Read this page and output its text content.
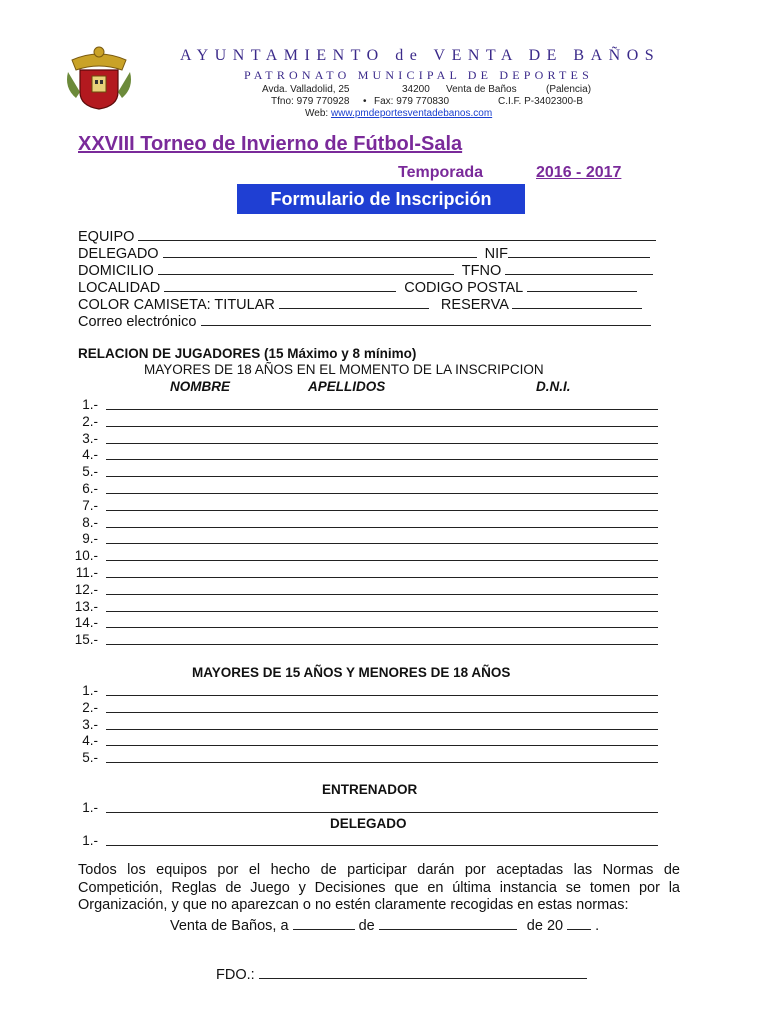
AYUNTAMIENTO de VENTA DE BAÑOS
PATRONATO MUNICIPAL DE DEPORTES
Avda. Valladolid, 25	34200 Venta de Baños	(Palencia)
Tfno: 979 770928 • Fax: 979 770830	C.I.F. P-3402300-B
Web: www.pmdeportesventadebanos.com
XXVIII Torneo de Invierno de Fútbol-Sala
Temporada	2016 - 2017
Formulario de Inscripción
EQUIPO
DELEGADO	NIF
DOMICILIO	TFNO
LOCALIDAD	CODIGO POSTAL
COLOR CAMISETA: TITULAR	RESERVA
Correo electrónico
RELACION DE JUGADORES (15 Máximo y 8 mínimo)
MAYORES DE 18 AÑOS EN EL MOMENTO DE LA INSCRIPCION
NOMBRE	APELLIDOS	D.N.I.
1.-
2.-
3.-
4.-
5.-
6.-
7.-
8.-
9.-
10.-
11.-
12.-
13.-
14.-
15.-
MAYORES DE 15 AÑOS Y MENORES DE 18 AÑOS
1.-
2.-
3.-
4.-
5.-
ENTRENADOR
1.-
DELEGADO
1.-
Todos los equipos por el hecho de participar darán por aceptadas las Normas de Competición, Reglas de Juego y Decisiones que en última instancia se tomen por la Organización, y que no aparezcan o no estén claramente recogidas en estas normas:
Venta de Baños, a	de	de 20 .
FDO.:
